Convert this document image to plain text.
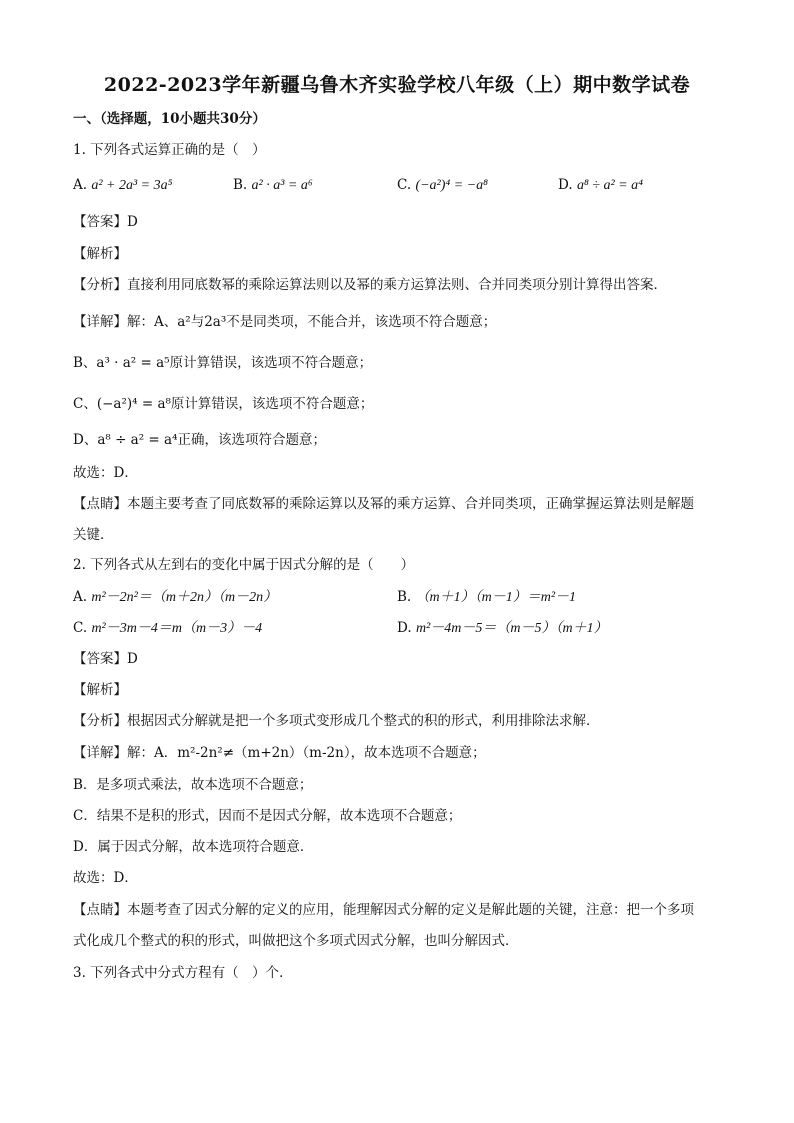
2022-2023学年新疆乌鲁木齐实验学校八年级（上）期中数学试卷
一、（选择题，10小题共30分）
1. 下列各式运算正确的是（　）
A. a² + 2a³ = 3a⁵	B. a² · a³ = a⁶	C. (−a²)⁴ = −a⁸	D. a⁸ ÷ a² = a⁴
【答案】D
【解析】
【分析】直接利用同底数幂的乘除运算法则以及幂的乘方运算法则、合并同类项分别计算得出答案．
【详解】解：A、a²与2a³不是同类项，不能合并，该选项不符合题意；
B、a³ · a² = a⁵原计算错误，该选项不符合题意；
C、(−a²)⁴ = a⁸原计算错误，该选项不符合题意；
D、a⁸ ÷ a² = a⁴正确，该选项符合题意；
故选：D．
【点睛】本题主要考查了同底数幂的乘除运算以及幂的乘方运算、合并同类项，正确掌握运算法则是解题
关键．
2. 下列各式从左到右的变化中属于因式分解的是（　　）
A. m²－2n²＝（m＋2n）（m－2n）	B. （m＋1）（m－1）＝m²－1
C. m²－3m－4＝m（m－3）－4	D. m²－4m－5＝（m－5）（m＋1）
【答案】D
【解析】
【分析】根据因式分解就是把一个多项式变形成几个整式的积的形式，利用排除法求解．
【详解】解：A．m²-2n²≠（m+2n）（m-2n），故本选项不合题意；
B．是多项式乘法，故本选项不合题意；
C．结果不是积的形式，因而不是因式分解，故本选项不合题意；
D．属于因式分解，故本选项符合题意．
故选：D．
【点睛】本题考查了因式分解的定义的应用，能理解因式分解的定义是解此题的关键，注意：把一个多项
式化成几个整式的积的形式，叫做把这个多项式因式分解，也叫分解因式．
3. 下列各式中分式方程有（　）个．
